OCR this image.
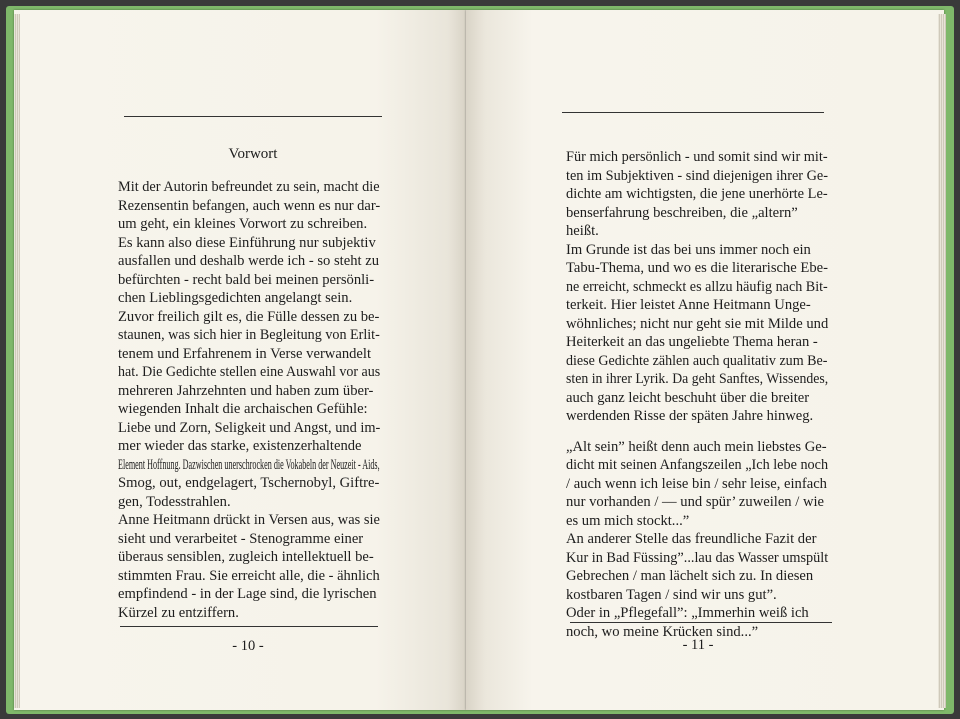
Vorwort
Mit der Autorin befreundet zu sein, macht die
Rezensentin befangen, auch wenn es nur dar-
um geht, ein kleines Vorwort zu schreiben.
Es kann also diese Einführung nur subjektiv
ausfallen und deshalb werde ich - so steht zu
befürchten - recht bald bei meinen persönli-
chen Lieblingsgedichten angelangt sein.
Zuvor freilich gilt es, die Fülle dessen zu be-
staunen, was sich hier in Begleitung von Erlit-
tenem und Erfahrenem in Verse verwandelt
hat. Die Gedichte stellen eine Auswahl vor aus
mehreren Jahrzehnten und haben zum über-
wiegenden Inhalt die archaischen Gefühle:
Liebe und Zorn, Seligkeit und Angst, und im-
mer wieder das starke, existenzerhaltende
Element Hoffnung. Dazwischen unerschrocken die Vokabeln der Neuzeit - Aids,
Smog, out, endgelagert, Tschernobyl, Giftre-
gen, Todesstrahlen.
Anne Heitmann drückt in Versen aus, was sie
sieht und verarbeitet - Stenogramme einer
überaus sensiblen, zugleich intellektuell be-
stimmten Frau. Sie erreicht alle, die - ähnlich
empfindend - in der Lage sind, die lyrischen
Kürzel zu entziffern.
- 10 -
Für mich persönlich - und somit sind wir mit-
ten im Subjektiven - sind diejenigen ihrer Ge-
dichte am wichtigsten, die jene unerhörte Le-
benserfahrung beschreiben, die „altern”
heißt.
Im Grunde ist das bei uns immer noch ein
Tabu-Thema, und wo es die literarische Ebe-
ne erreicht, schmeckt es allzu häufig nach Bit-
terkeit. Hier leistet Anne Heitmann Unge-
wöhnliches; nicht nur geht sie mit Milde und
Heiterkeit an das ungeliebte Thema heran -
diese Gedichte zählen auch qualitativ zum Be-
sten in ihrer Lyrik. Da geht Sanftes, Wissendes,
auch ganz leicht beschuht über die breiter
werdenden Risse der späten Jahre hinweg.

„Alt sein” heißt denn auch mein liebstes Ge-
dicht mit seinen Anfangszeilen „Ich lebe noch
/ auch wenn ich leise bin / sehr leise, einfach
nur vorhanden / — und spür’ zuweilen / wie
es um mich stockt...”
An anderer Stelle das freundliche Fazit der
Kur in Bad Füssing”...lau das Wasser umspült
Gebrechen / man lächelt sich zu. In diesen
kostbaren Tagen / sind wir uns gut”.
Oder in „Pflegefall”: „Immerhin weiß ich
noch, wo meine Krücken sind...”
- 11 -
